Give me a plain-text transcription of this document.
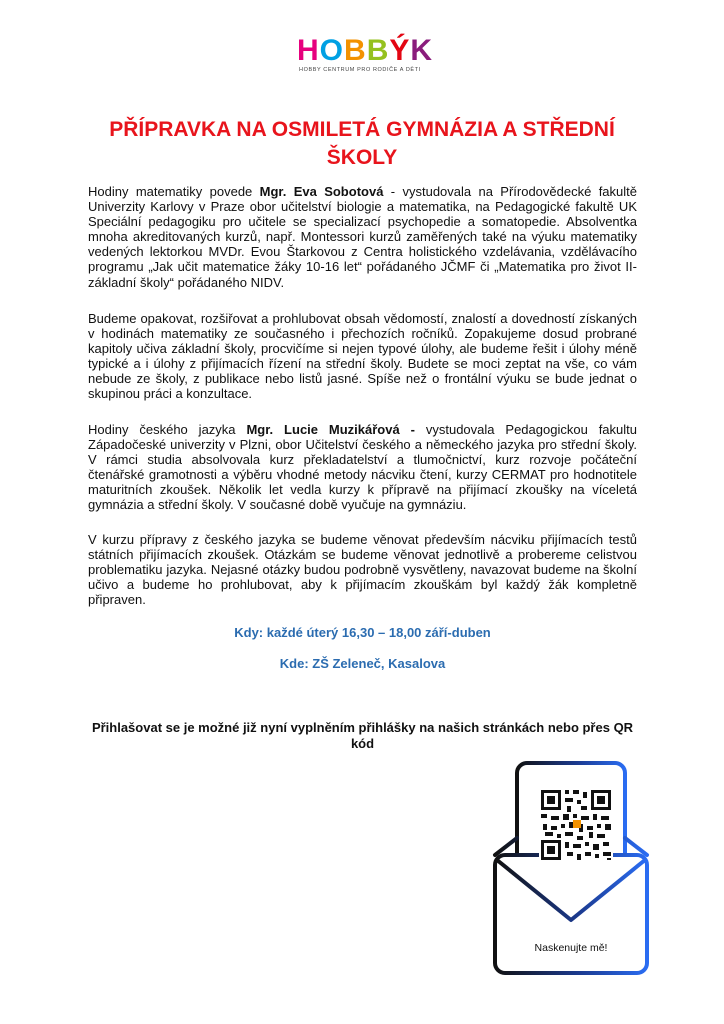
H O B B Ý K
HOBBY CENTRUM PRO RODIČE A DĚTI
PŘÍPRAVKA NA OSMILETÁ GYMNÁZIA A STŘEDNÍ ŠKOLY

Hodiny matematiky povede Mgr. Eva Sobotová - vystudovala na Přírodovědecké fakultě Univerzity Karlovy v Praze obor učitelství biologie a matematika, na Pedagogické fakultě UK Speciální pedagogiku pro učitele se specializací psychopedie a somatopedie. Absolventka mnoha akreditovaných kurzů, např. Montessori kurzů zaměřených také na výuku matematiky vedených lektorkou MVDr. Evou Štarkovou z Centra holistického vzdelávania, vzdělávacího programu „Jak učit matematice žáky 10-16 let“ pořádaného JČMF či „Matematika pro život II-základní školy“ pořádaného NIDV.

Budeme opakovat, rozšiřovat a prohlubovat obsah vědomostí, znalostí a dovedností získaných v hodinách matematiky ze současného i přechozích ročníků. Zopakujeme dosud probrané kapitoly učiva základní školy, procvičíme si nejen typové úlohy, ale budeme řešit i úlohy méně typické a i úlohy z přijímacích řízení na střední školy. Budete se moci zeptat na vše, co vám nebude ze školy, z publikace nebo listů jasné. Spíše než o frontální výuku se bude jednat o skupinou práci a konzultace.

Hodiny českého jazyka Mgr. Lucie Muzikářová - vystudovala Pedagogickou fakultu Západočeské univerzity v Plzni, obor Učitelství českého a německého jazyka pro střední školy. V rámci studia absolvovala kurz překladatelství a tlumočnictví, kurz rozvoje počáteční čtenářské gramotnosti a výběru vhodné metody nácviku čtení, kurzy CERMAT pro hodnotitele maturitních zkoušek. Několik let vedla kurzy k přípravě na přijímací zkoušky na víceletá gymnázia a střední školy. V současné době vyučuje na gymnáziu.

V kurzu přípravy z českého jazyka se budeme věnovat především nácviku přijímacích testů státních přijímacích zkoušek. Otázkám se budeme věnovat jednotlivě a probereme celistvou problematiku jazyka. Nejasné otázky budou podrobně vysvětleny, navazovat budeme na školní učivo a budeme ho prohlubovat, aby k přijímacím zkouškám byl každý žák kompletně připraven.

Kdy: každé úterý 16,30 – 18,00 září-duben
Kde: ZŠ Zeleneč, Kasalova
Přihlašovat se je možné již nyní vyplněním přihlášky na našich stránkách nebo přes QR kód
Naskenujte mě!
